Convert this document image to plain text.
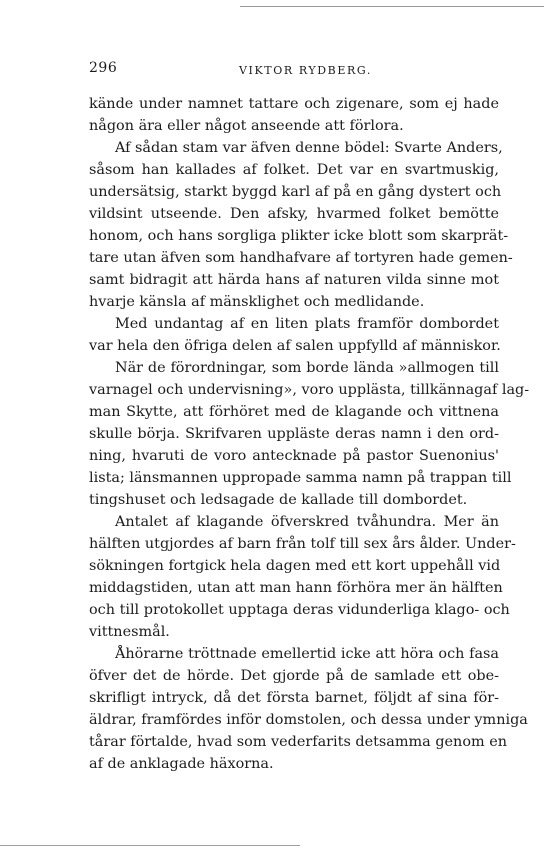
296	VIKTOR RYDBERG.
kände under namnet tattare och zigenare, som ej hade
någon ära eller något anseende att förlora.
Af sådan stam var äfven denne bödel: Svarte Anders,
såsom han kallades af folket. Det var en svartmuskig,
undersätsig, starkt byggd karl af på en gång dystert och
vildsint utseende. Den afsky, hvarmed folket bemötte
honom, och hans sorgliga plikter icke blott som skarprät-
tare utan äfven som handhafvare af tortyren hade gemen-
samt bidragit att härda hans af naturen vilda sinne mot
hvarje känsla af mänsklighet och medlidande.
Med undantag af en liten plats framför dombordet
var hela den öfriga delen af salen uppfylld af människor.
När de förordningar, som borde lända »allmogen till
varnagel och undervisning», voro upplästa, tillkännagaf lag-
man Skytte, att förhöret med de klagande och vittnena
skulle börja. Skrifvaren uppläste deras namn i den ord-
ning, hvaruti de voro antecknade på pastor Suenonius'
lista; länsmannen uppropade samma namn på trappan till
tingshuset och ledsagade de kallade till dombordet.
Antalet af klagande öfverskred tvåhundra. Mer än
hälften utgjordes af barn från tolf till sex års ålder. Under-
sökningen fortgick hela dagen med ett kort uppehåll vid
middagstiden, utan att man hann förhöra mer än hälften
och till protokollet upptaga deras vidunderliga klago- och
vittnesmål.
Åhörarne tröttnade emellertid icke att höra och fasa
öfver det de hörde. Det gjorde på de samlade ett obe-
skrifligt intryck, då det första barnet, följdt af sina för-
äldrar, framfördes inför domstolen, och dessa under ymniga
tårar förtalde, hvad som vederfarits detsamma genom en
af de anklagade häxorna.
